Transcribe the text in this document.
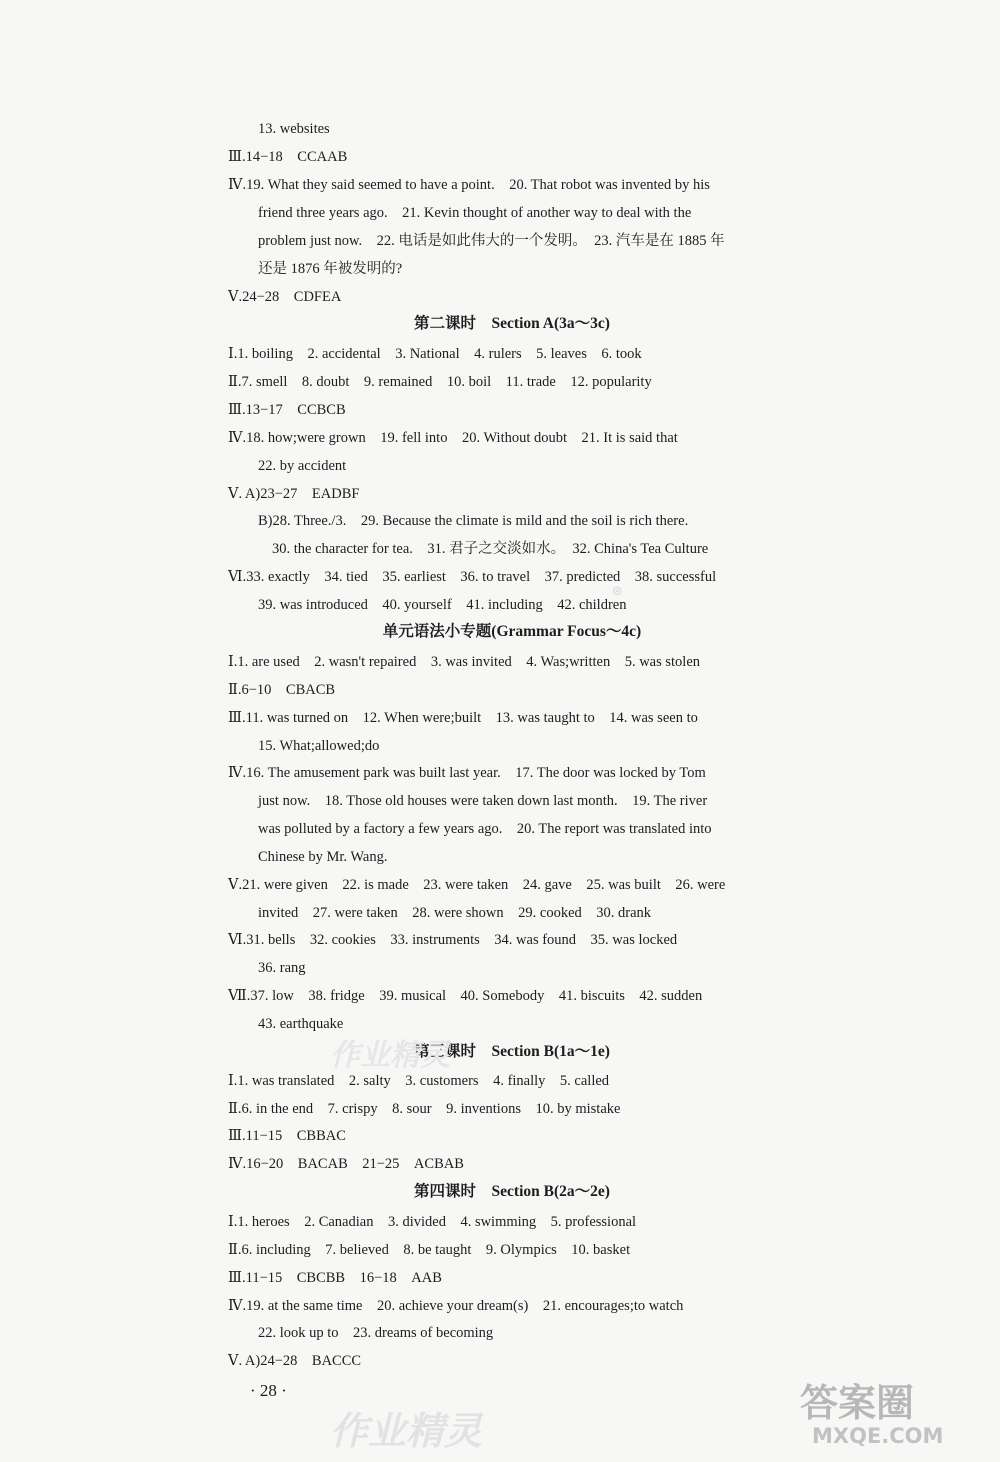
13. websites
Ⅲ.14−18　CCAAB
Ⅳ.19. What they said seemed to have a point.　20. That robot was invented by his
friend three years ago.　21. Kevin thought of another way to deal with the
problem just now.　22. 电话是如此伟大的一个发明。　23. 汽车是在 1885 年
还是 1876 年被发明的?
Ⅴ.24−28　CDFEA
第二课时　Section A(3a～3c)
Ⅰ.1. boiling　2. accidental　3. National　4. rulers　5. leaves　6. took
Ⅱ.7. smell　8. doubt　9. remained　10. boil　11. trade　12. popularity
Ⅲ.13−17　CCBCB
Ⅳ.18. how;were grown　19. fell into　20. Without doubt　21. It is said that
22. by accident
Ⅴ. A)23−27　EADBF
B)28. Three./3.　29. Because the climate is mild and the soil is rich there.
30. the character for tea.　31. 君子之交淡如水。　32. China's Tea Culture
Ⅵ.33. exactly　34. tied　35. earliest　36. to travel　37. predicted　38. successful
39. was introduced　40. yourself　41. including　42. children
单元语法小专题(Grammar Focus～4c)
Ⅰ.1. are used　2. wasn't repaired　3. was invited　4. Was;written　5. was stolen
Ⅱ.6−10　CBACB
Ⅲ.11. was turned on　12. When were;built　13. was taught to　14. was seen to
15. What;allowed;do
Ⅳ.16. The amusement park was built last year.　17. The door was locked by Tom
just now.　18. Those old houses were taken down last month.　19. The river
was polluted by a factory a few years ago.　20. The report was translated into
Chinese by Mr. Wang.
Ⅴ.21. were given　22. is made　23. were taken　24. gave　25. was built　26. were
invited　27. were taken　28. were shown　29. cooked　30. drank
Ⅵ.31. bells　32. cookies　33. instruments　34. was found　35. was locked
36. rang
Ⅶ.37. low　38. fridge　39. musical　40. Somebody　41. biscuits　42. sudden
43. earthquake
第三课时　Section B(1a～1e)
Ⅰ.1. was translated　2. salty　3. customers　4. finally　5. called
Ⅱ.6. in the end　7. crispy　8. sour　9. inventions　10. by mistake
Ⅲ.11−15　CBBAC
Ⅳ.16−20　BACAB　21−25　ACBAB
第四课时　Section B(2a～2e)
Ⅰ.1. heroes　2. Canadian　3. divided　4. swimming　5. professional
Ⅱ.6. including　7. believed　8. be taught　9. Olympics　10. basket
Ⅲ.11−15　CBCBB　16−18　AAB
Ⅳ.19. at the same time　20. achieve your dream(s)　21. encourages;to watch
22. look up to　23. dreams of becoming
Ⅴ. A)24−28　BACCC
· 28 ·
⊛
答案圈
MXQE.COM
作业精灵
作业精灵
